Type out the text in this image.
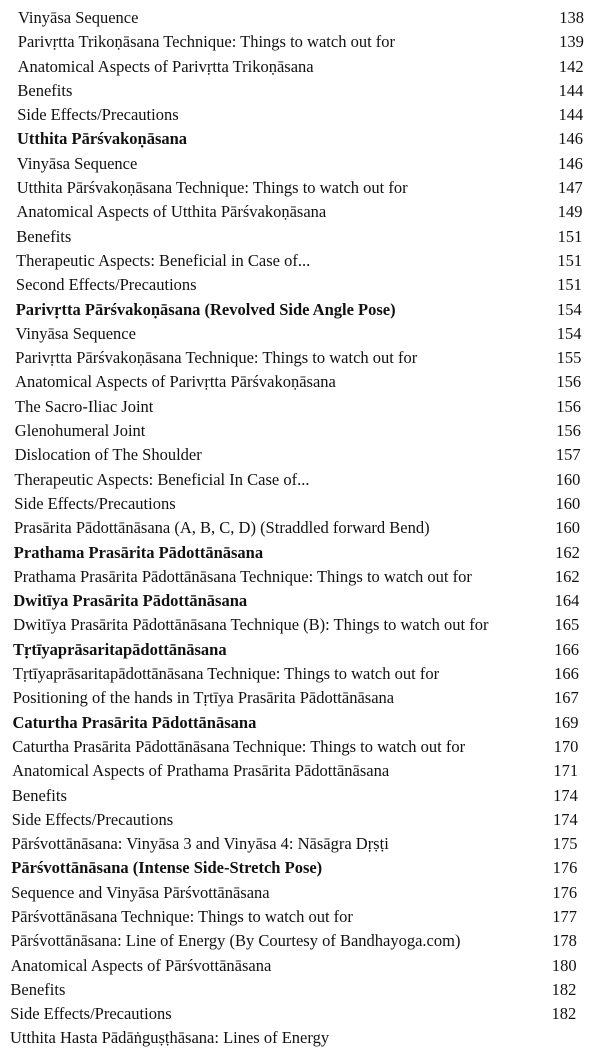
Vinyāsa Sequence	138
Parivṛtta Trikoṇāsana Technique: Things to watch out for	139
Anatomical Aspects of Parivṛtta Trikoṇāsana	142
Benefits	144
Side Effects/Precautions	144
Utthita Pārśvakoṇāsana	146
Vinyāsa Sequence	146
Utthita Pārśvakoṇāsana Technique: Things to watch out for	147
Anatomical Aspects of Utthita Pārśvakoṇāsana	149
Benefits	151
Therapeutic Aspects: Beneficial in Case of...	151
Second Effects/Precautions	151
Parivṛtta Pārśvakoṇāsana (Revolved Side Angle Pose)	154
Vinyāsa Sequence	154
Parivṛtta Pārśvakoṇāsana Technique: Things to watch out for	155
Anatomical Aspects of Parivṛtta Pārśvakoṇāsana	156
The Sacro-Iliac Joint	156
Glenohumeral Joint	156
Dislocation of The Shoulder	157
Therapeutic Aspects: Beneficial In Case of...	160
Side Effects/Precautions	160
Prasārita Pādottānāsana (A, B, C, D) (Straddled forward Bend)	160
Prathama Prasārita Pādottānāsana	162
Prathama Prasārita Pādottānāsana Technique: Things to watch out for	162
Dwitīya Prasārita Pādottānāsana	164
Dwitīya Prasārita Pādottānāsana Technique (B): Things to watch out for	165
Tṛtīyaprāsaritapādottānāsana	166
Tṛtīyaprāsaritapādottānāsana Technique: Things to watch out for	166
Positioning of the hands in Tṛtīya Prasārita Pādottānāsana	167
Caturtha Prasārita Pādottānāsana	169
Caturtha Prasārita Pādottānāsana Technique: Things to watch out for	170
Anatomical Aspects of Prathama Prasārita Pādottānāsana	171
Benefits	174
Side Effects/Precautions	174
Pārśvottānāsana: Vinyāsa 3 and Vinyāsa 4: Nāsāgra Dṛṣṭi	175
Pārśvottānāsana (Intense Side-Stretch Pose)	176
Sequence and Vinyāsa Pārśvottānāsana	176
Pārśvottānāsana Technique: Things to watch out for	177
Pārśvottānāsana: Line of Energy (By Courtesy of Bandhayoga.com)	178
Anatomical Aspects of Pārśvottānāsana	180
Benefits	182
Side Effects/Precautions	182
Utthita Hasta Pādāṅguṣṭhāsana: Lines of Energy
